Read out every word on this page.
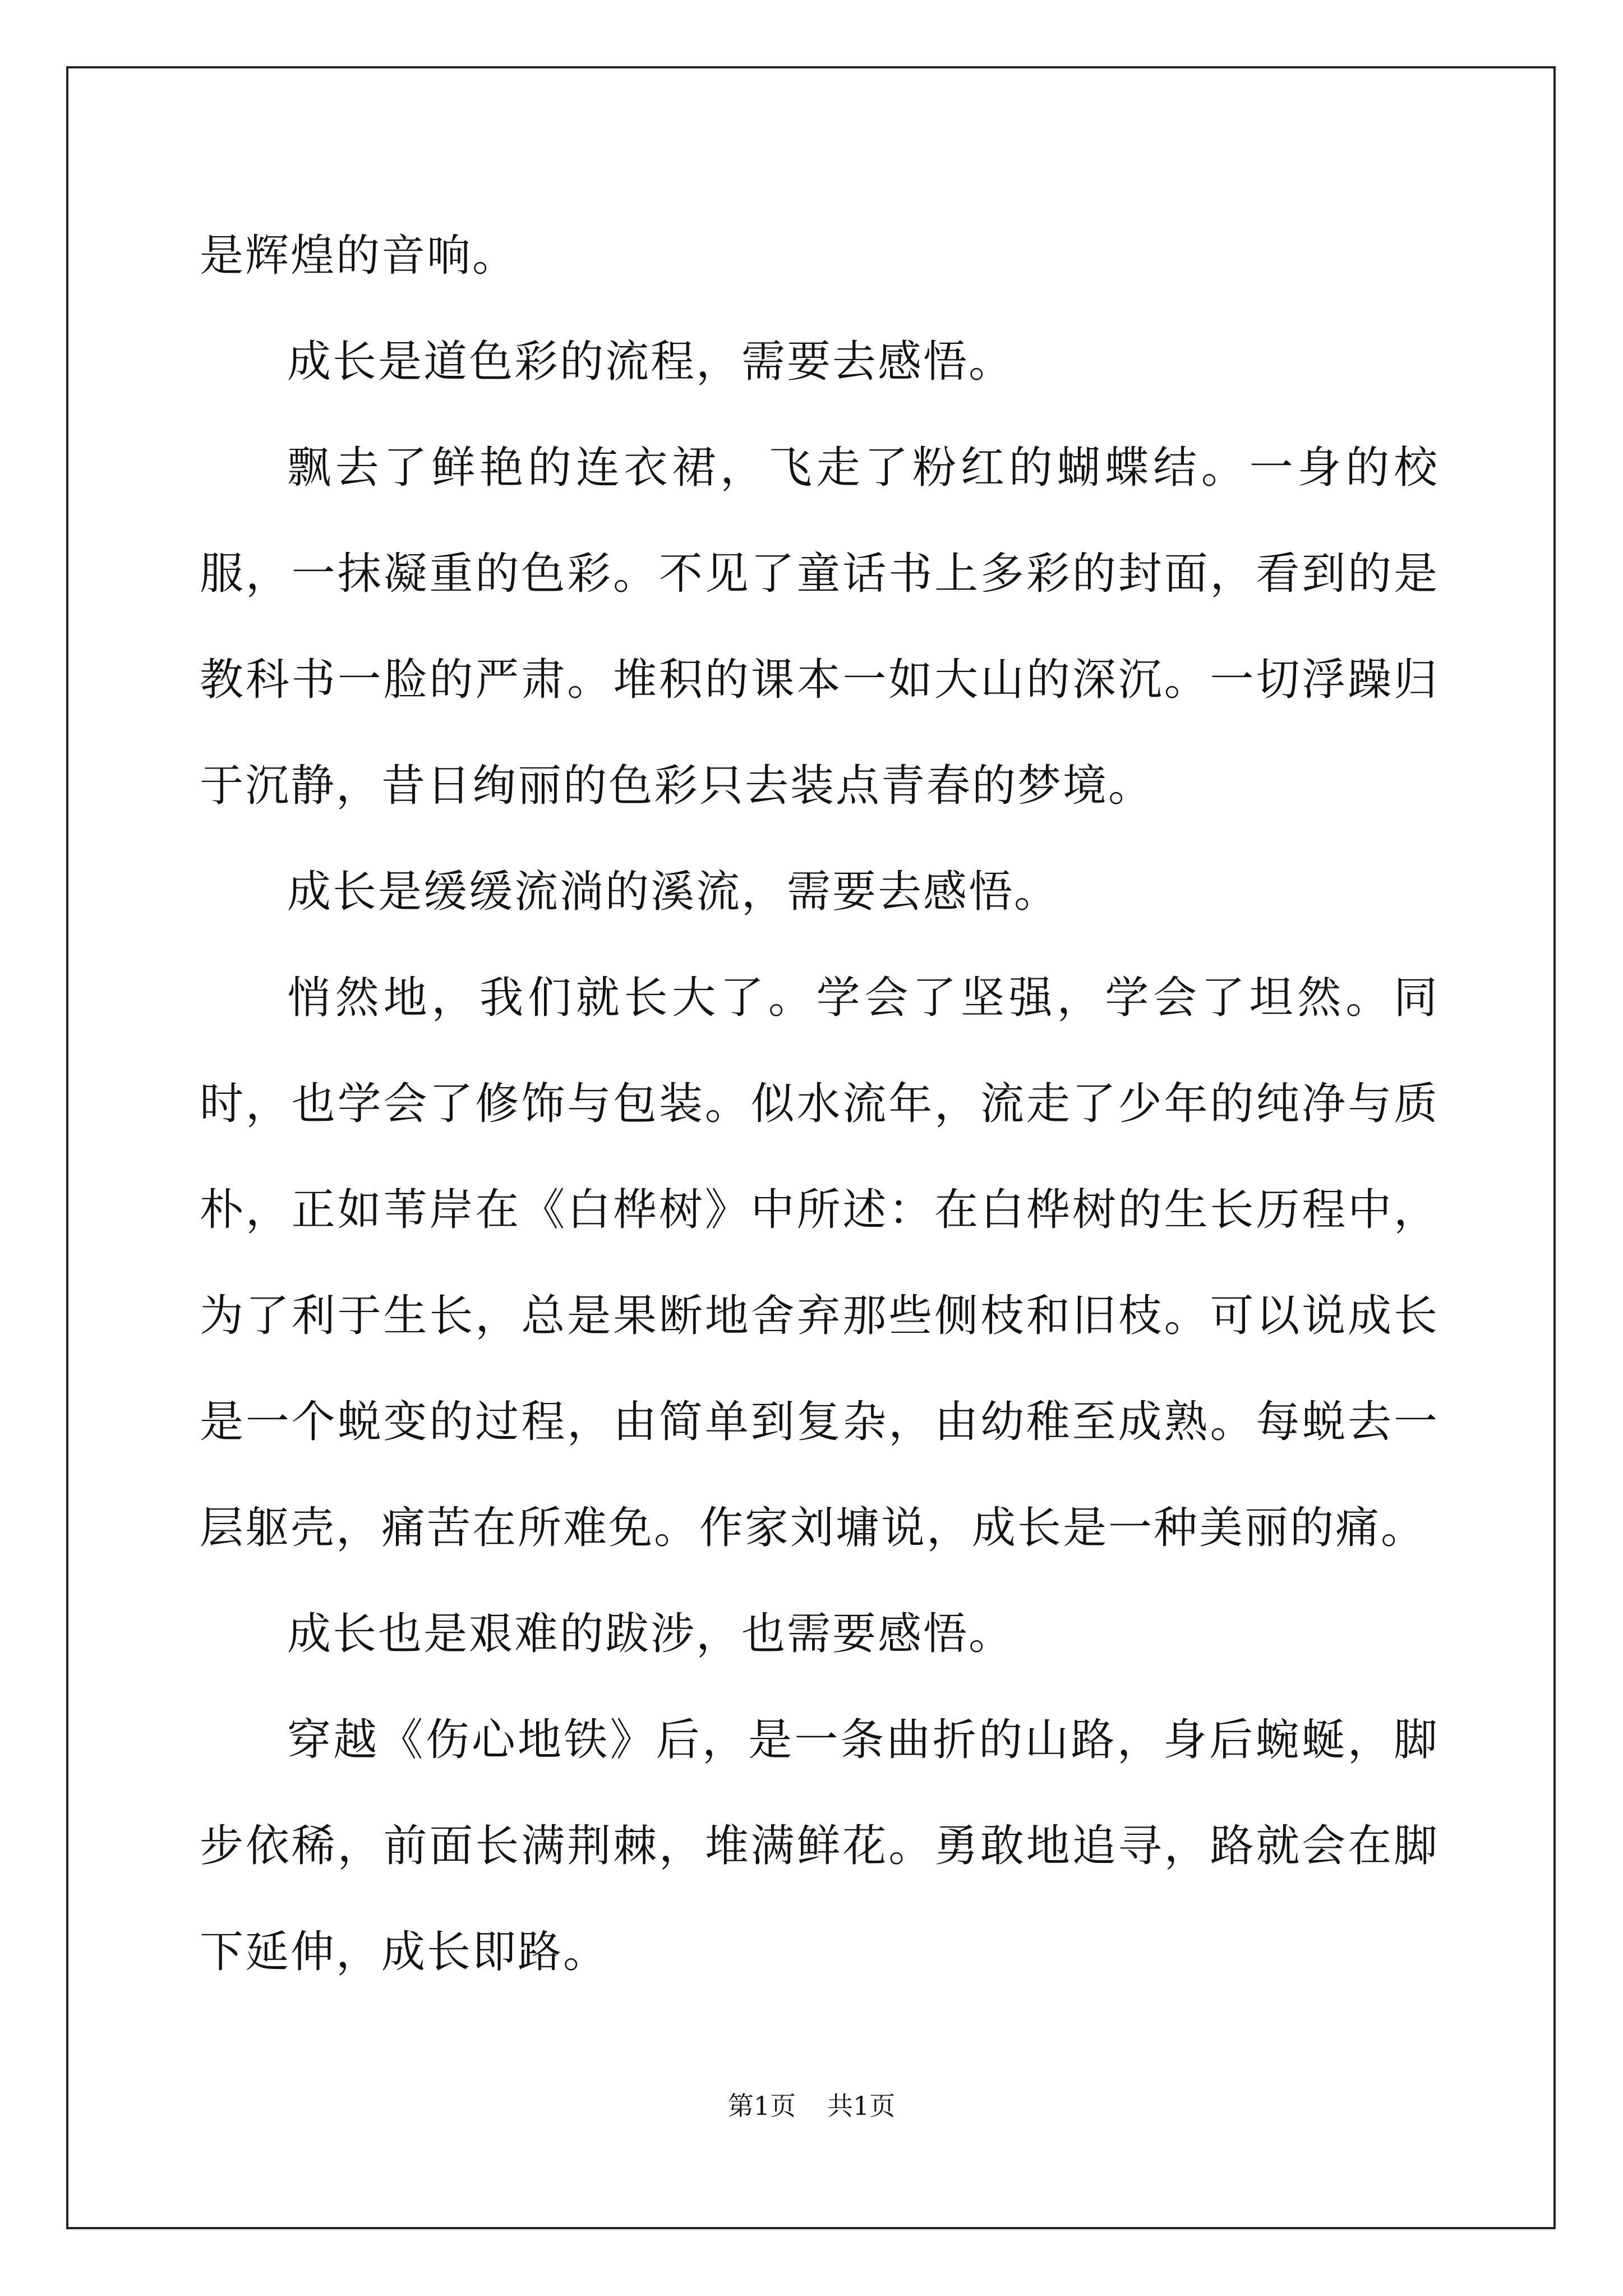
是辉煌的音响。

成长是道色彩的流程，需要去感悟。

飘去了鲜艳的连衣裙，飞走了粉红的蝴蝶结。一身的校服，一抹凝重的色彩。不见了童话书上多彩的封面，看到的是教科书一脸的严肃。堆积的课本一如大山的深沉。一切浮躁归于沉静，昔日绚丽的色彩只去装点青春的梦境。

成长是缓缓流淌的溪流，需要去感悟。

悄然地，我们就长大了。学会了坚强，学会了坦然。同时，也学会了修饰与包装。似水流年，流走了少年的纯净与质朴，正如苇岸在《白桦树》中所述：在白桦树的生长历程中，为了利于生长，总是果断地舍弃那些侧枝和旧枝。可以说成长是一个蜕变的过程，由简单到复杂，由幼稚至成熟。每蜕去一层躯壳，痛苦在所难免。作家刘墉说，成长是一种美丽的痛。

成长也是艰难的跋涉，也需要感悟。

穿越《伤心地铁》后，是一条曲折的山路，身后蜿蜒，脚步依稀，前面长满荆棘，堆满鲜花。勇敢地追寻，路就会在脚下延伸，成长即路。

第1页 共1页
